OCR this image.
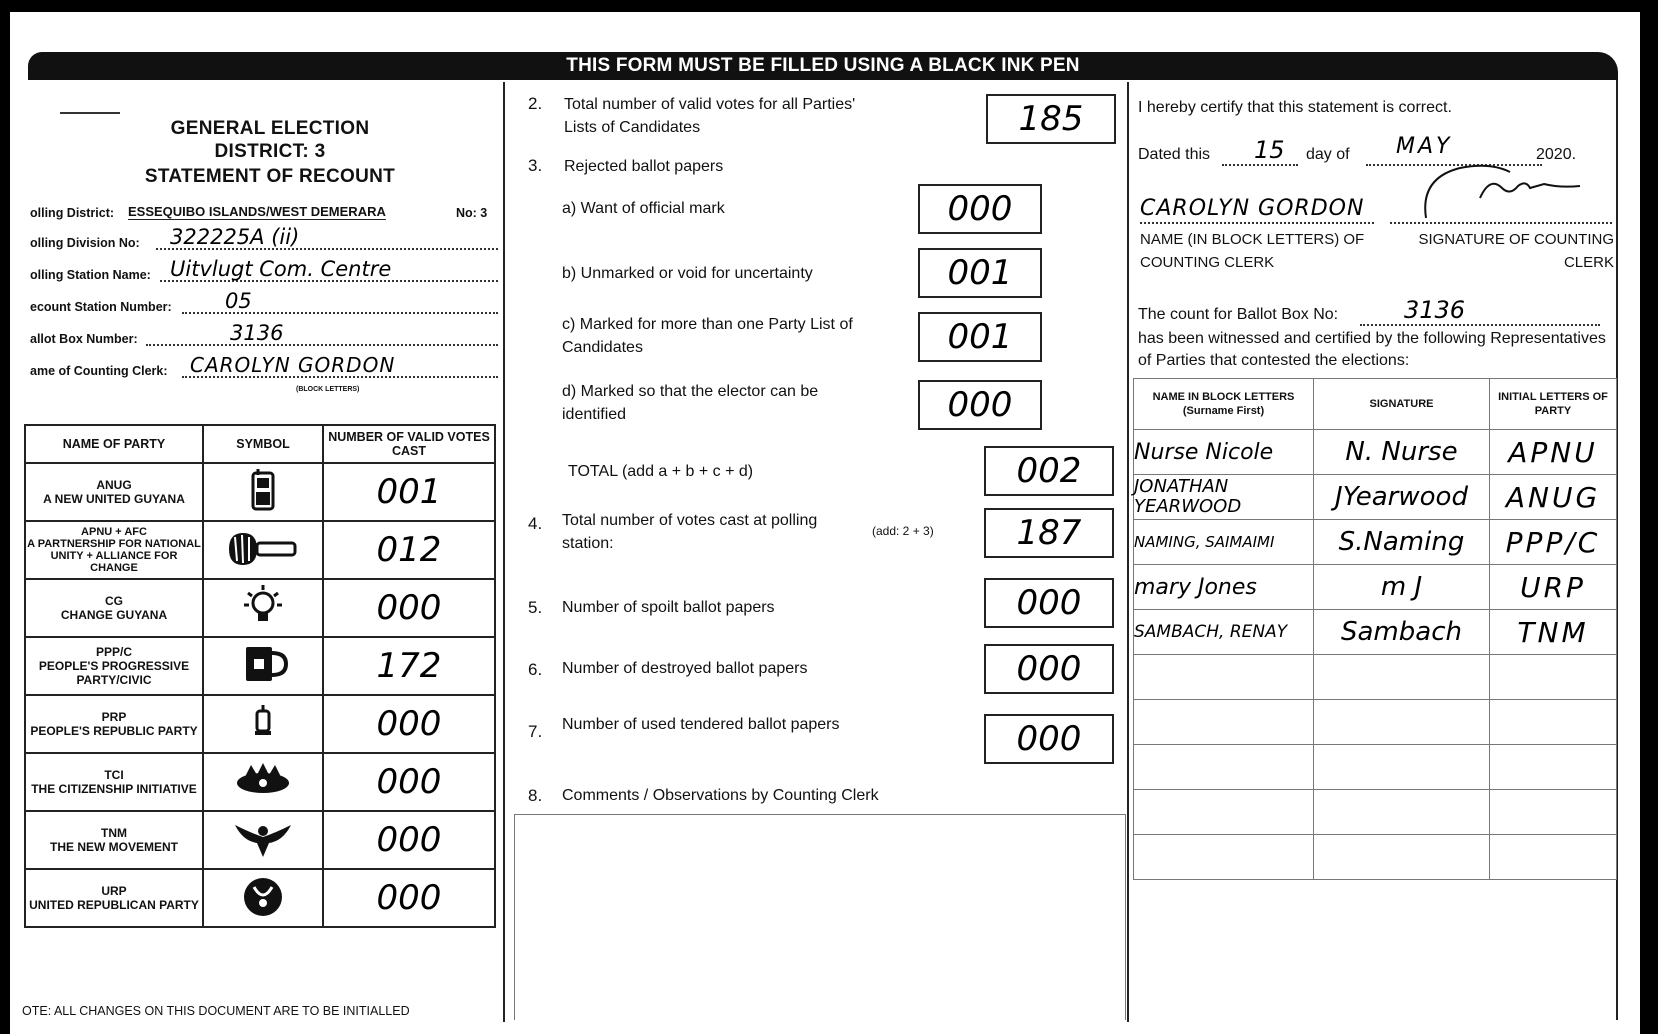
THIS FORM MUST BE FILLED USING A BLACK INK PEN
GENERAL ELECTION
DISTRICT: 3
STATEMENT OF RECOUNT
olling District: ESSEQUIBO ISLANDS/WEST DEMERARA	No: 3
olling Division No: 322225A (ii)
olling Station Name: Uitvlugt Com. Centre
ecount Station Number:	05
allot Box Number:	3136
ame of Counting Clerk: CAROLYN GORDON
(BLOCK LETTERS)
NAME OF PARTY	SYMBOL	NUMBER OF VALID VOTES CAST

ANUG
A NEW UNITED GUYANA		001

APNU + AFC
A PARTNERSHIP FOR NATIONAL UNITY + ALLIANCE FOR CHANGE		012

CG
CHANGE GUYANA		000

PPP/C
PEOPLE'S PROGRESSIVE PARTY/CIVIC		172

PRP
PEOPLE'S REPUBLIC PARTY		000

TCI
THE CITIZENSHIP INITIATIVE		000

TNM
THE NEW MOVEMENT		000

URP
UNITED REPUBLICAN PARTY		000
OTE: ALL CHANGES ON THIS DOCUMENT ARE TO BE INITIALLED
2. Total number of valid votes for all Parties' Lists of Candidates	185
3. Rejected ballot papers
a) Want of official mark	000
b) Unmarked or void for uncertainty	001
c) Marked for more than one Party List of Candidates	001
d) Marked so that the elector can be identified	000
TOTAL (add a + b + c + d)	002
4. Total number of votes cast at polling station:
(add: 2 + 3)	187
5. Number of spoilt ballot papers	000
6. Number of destroyed ballot papers	000
7. Number of used tendered ballot papers	000
8. Comments / Observations by Counting Clerk
I hereby certify that this statement is correct.
Dated this 15 day of MAY	2020.
CAROLYN GORDON
NAME (IN BLOCK LETTERS) OF COUNTING CLERK
SIGNATURE OF COUNTING CLERK
The count for Ballot Box No:	3136
has been witnessed and certified by the following Representatives of Parties that contested the elections:
NAME IN BLOCK LETTERS (Surname First)	SIGNATURE	INITIAL LETTERS OF PARTY
Nurse Nicole	N. Nurse	APNU
JONATHAN YEARWOOD	JYearwood	ANUG
NAMING, SAIMAIMI	S.Naming	PPP/C
mary Jones	m J	URP
SAMBACH, RENAY	Sambach	TNM
